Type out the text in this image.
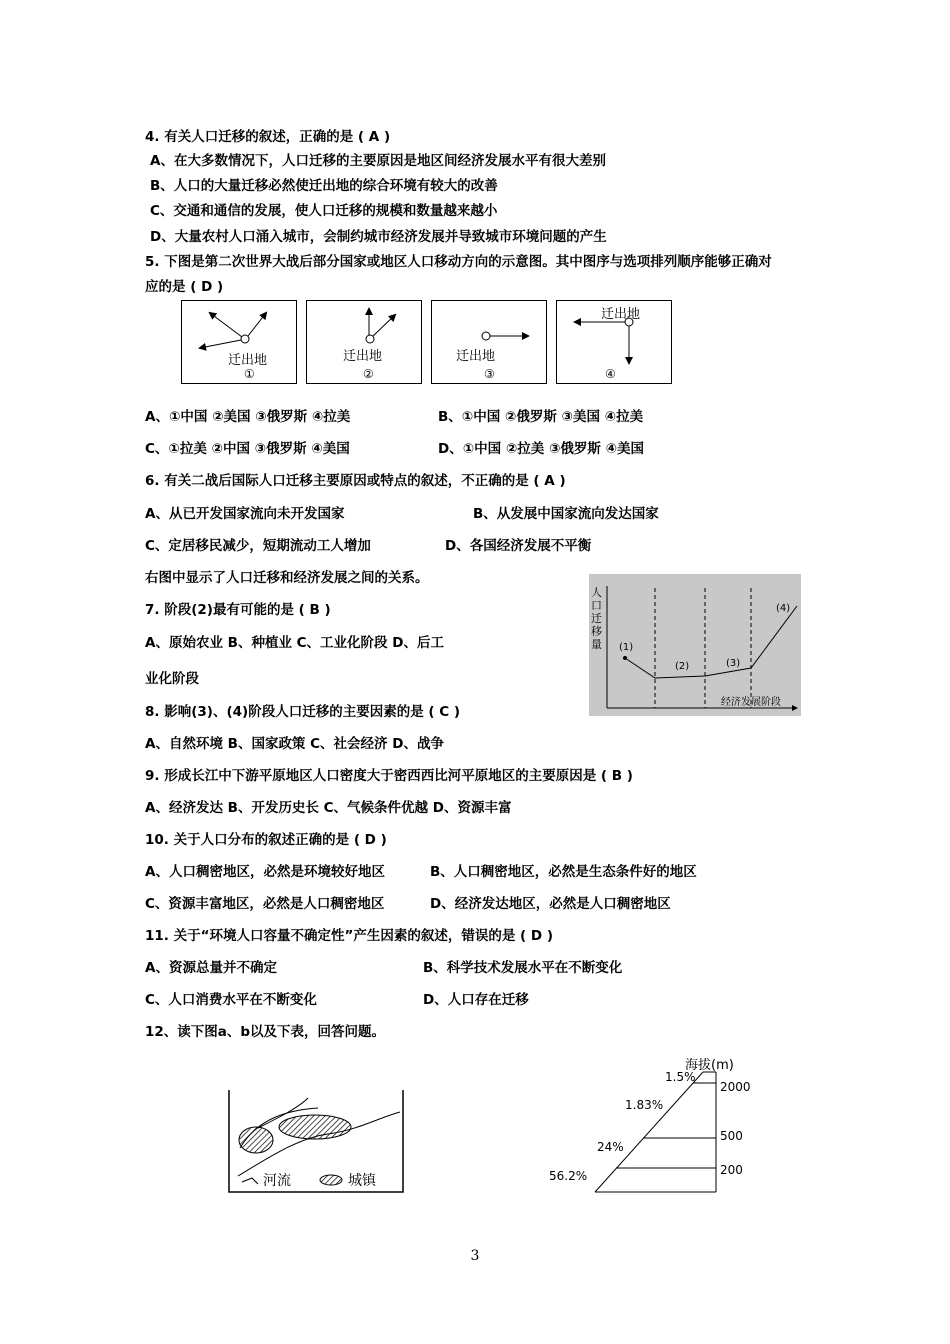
4. 有关人口迁移的叙述，正确的是 ( A )
A、在大多数情况下，人口迁移的主要原因是地区间经济发展水平有很大差别
B、人口的大量迁移必然使迁出地的综合环境有较大的改善
C、交通和通信的发展，使人口迁移的规模和数量越来越小
D、大量农村人口涌入城市，会制约城市经济发展并导致城市环境问题的产生
5. 下图是第二次世界大战后部分国家或地区人口移动方向的示意图。其中图序与选项排列顺序能够正确对
应的是 ( D )
迁出地
①
迁出地
②
迁出地
③
迁出地
④
A、①中国 ②美国 ③俄罗斯 ④拉美	B、①中国 ②俄罗斯 ③美国 ④拉美
C、①拉美 ②中国 ③俄罗斯 ④美国	D、①中国 ②拉美 ③俄罗斯 ④美国
6. 有关二战后国际人口迁移主要原因或特点的叙述，不正确的是 ( A )
A、从已开发国家流向未开发国家	B、从发展中国家流向发达国家
C、定居移民减少，短期流动工人增加	D、各国经济发展不平衡
右图中显示了人口迁移和经济发展之间的关系。
人口迁移量
经济发展阶段
(1)
(2)	(3)
(4)
7. 阶段(2)最有可能的是 ( B )
A、原始农业 B、种植业 C、工业化阶段 D、后工
业化阶段
8. 影响(3)、(4)阶段人口迁移的主要因素的是 ( C )
A、自然环境 B、国家政策 C、社会经济 D、战争
9. 形成长江中下游平原地区人口密度大于密西西比河平原地区的主要原因是 ( B )
A、经济发达 B、开发历史长 C、气候条件优越 D、资源丰富
10. 关于人口分布的叙述正确的是 ( D )
A、人口稠密地区，必然是环境较好地区	B、人口稠密地区，必然是生态条件好的地区
C、资源丰富地区，必然是人口稠密地区	D、经济发达地区，必然是人口稠密地区
11. 关于“环境人口容量不确定性”产生因素的叙述，错误的是 ( D )
A、资源总量并不确定	B、科学技术发展水平在不断变化
C、人口消费水平在不断变化	D、人口存在迁移
12、读下图a、b以及下表，回答问题。
河流	城镇
海拔(m)
2000
500
200
1.5%
1.83%
24%
56.2%
3
